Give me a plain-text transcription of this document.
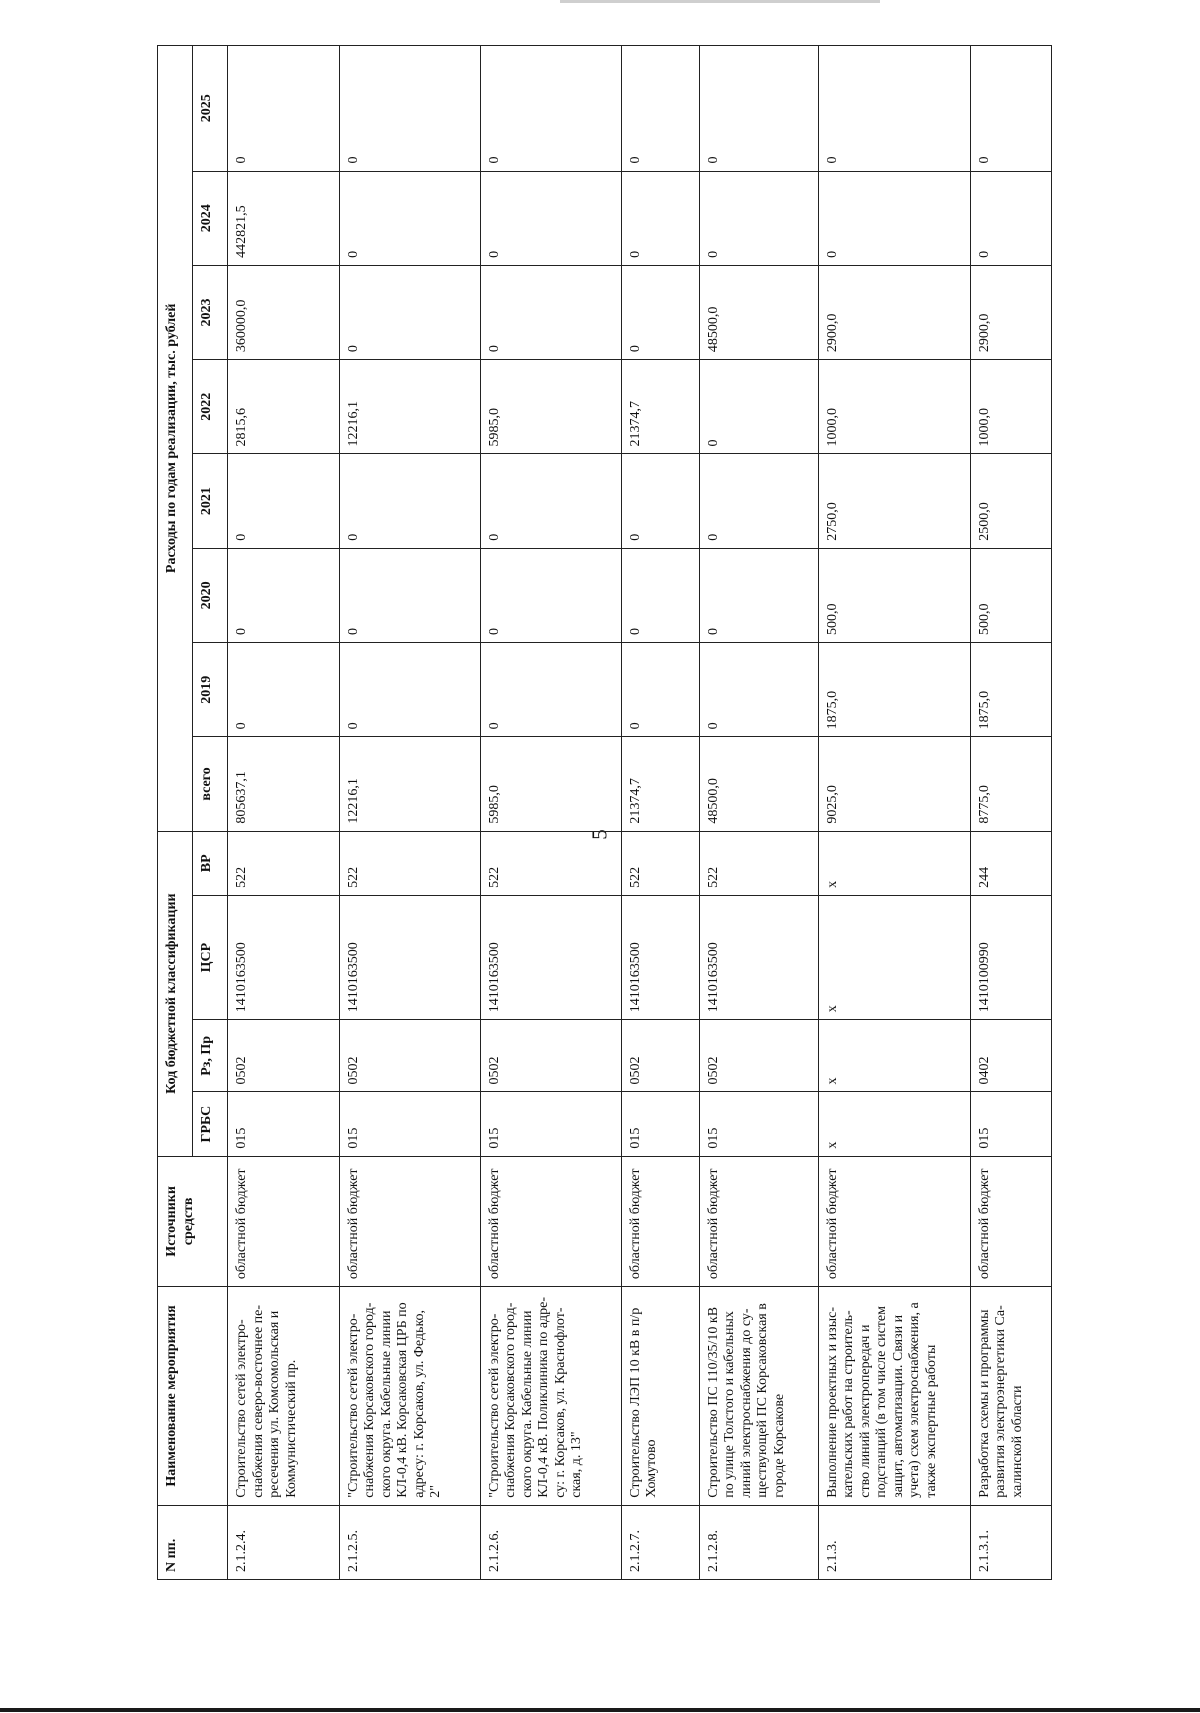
5
N пп.	Наименование мероприятия	Источники средств	Код бюджетной классификации				Расходы по годам реализации, тыс. рублей							
			ГРБС	Рз, Пр	ЦСР	ВР	всего	2019	2020	2021	2022	2023	2024	2025
2.1.2.4.	Строительство сетей электро-снабжения северо-восточнее пе-ресечения ул. Комсомольская и Коммунистический пр.	областной бюджет	015	0502	1410163500	522	805637,1	0	0	0	2815,6	360000,0	442821,5	0
2.1.2.5.	"Строительство сетей электро-снабжения Корсаковского город-ского округа. Кабельные линии КЛ-0,4 кВ. Корсаковская ЦРБ по адресу: г. Корсаков, ул. Федько, 2"	областной бюджет	015	0502	1410163500	522	12216,1	0	0	0	12216,1	0	0	0
2.1.2.6.	"Строительство сетей электро-снабжения Корсаковского город-ского округа. Кабельные линии КЛ-0,4 кВ. Поликлиника по адре-су: г. Корсаков, ул. Краснофлот-ская, д. 13"	областной бюджет	015	0502	1410163500	522	5985,0	0	0	0	5985,0	0	0	0
2.1.2.7.	Строительство ЛЭП 10 кВ в п/р Хомутово	областной бюджет	015	0502	1410163500	522	21374,7	0	0	0	21374,7	0	0	0
2.1.2.8.	Строительство ПС 110/35/10 кВ по улице Толстого и кабельных линий электроснабжения до су-ществующей ПС Корсаковская в городе Корсакове	областной бюджет	015	0502	1410163500	522	48500,0	0	0	0	0	48500,0	0	0
2.1.3.	Выполнение проектных и изыс-кательских работ на строитель-ство линий электропередач и подстанций (в том числе систем защит, автоматизации. Связи и учета) схем электроснабжения, а также экспертные работы	областной бюджет	x	x	x	x	9025,0	1875,0	500,0	2750,0	1000,0	2900,0	0	0
2.1.3.1.	Разработка схемы и программы развития электроэнергетики Са-халинской области	областной бюджет	015	0402	1410100990	244	8775,0	1875,0	500,0	2500,0	1000,0	2900,0	0	0
